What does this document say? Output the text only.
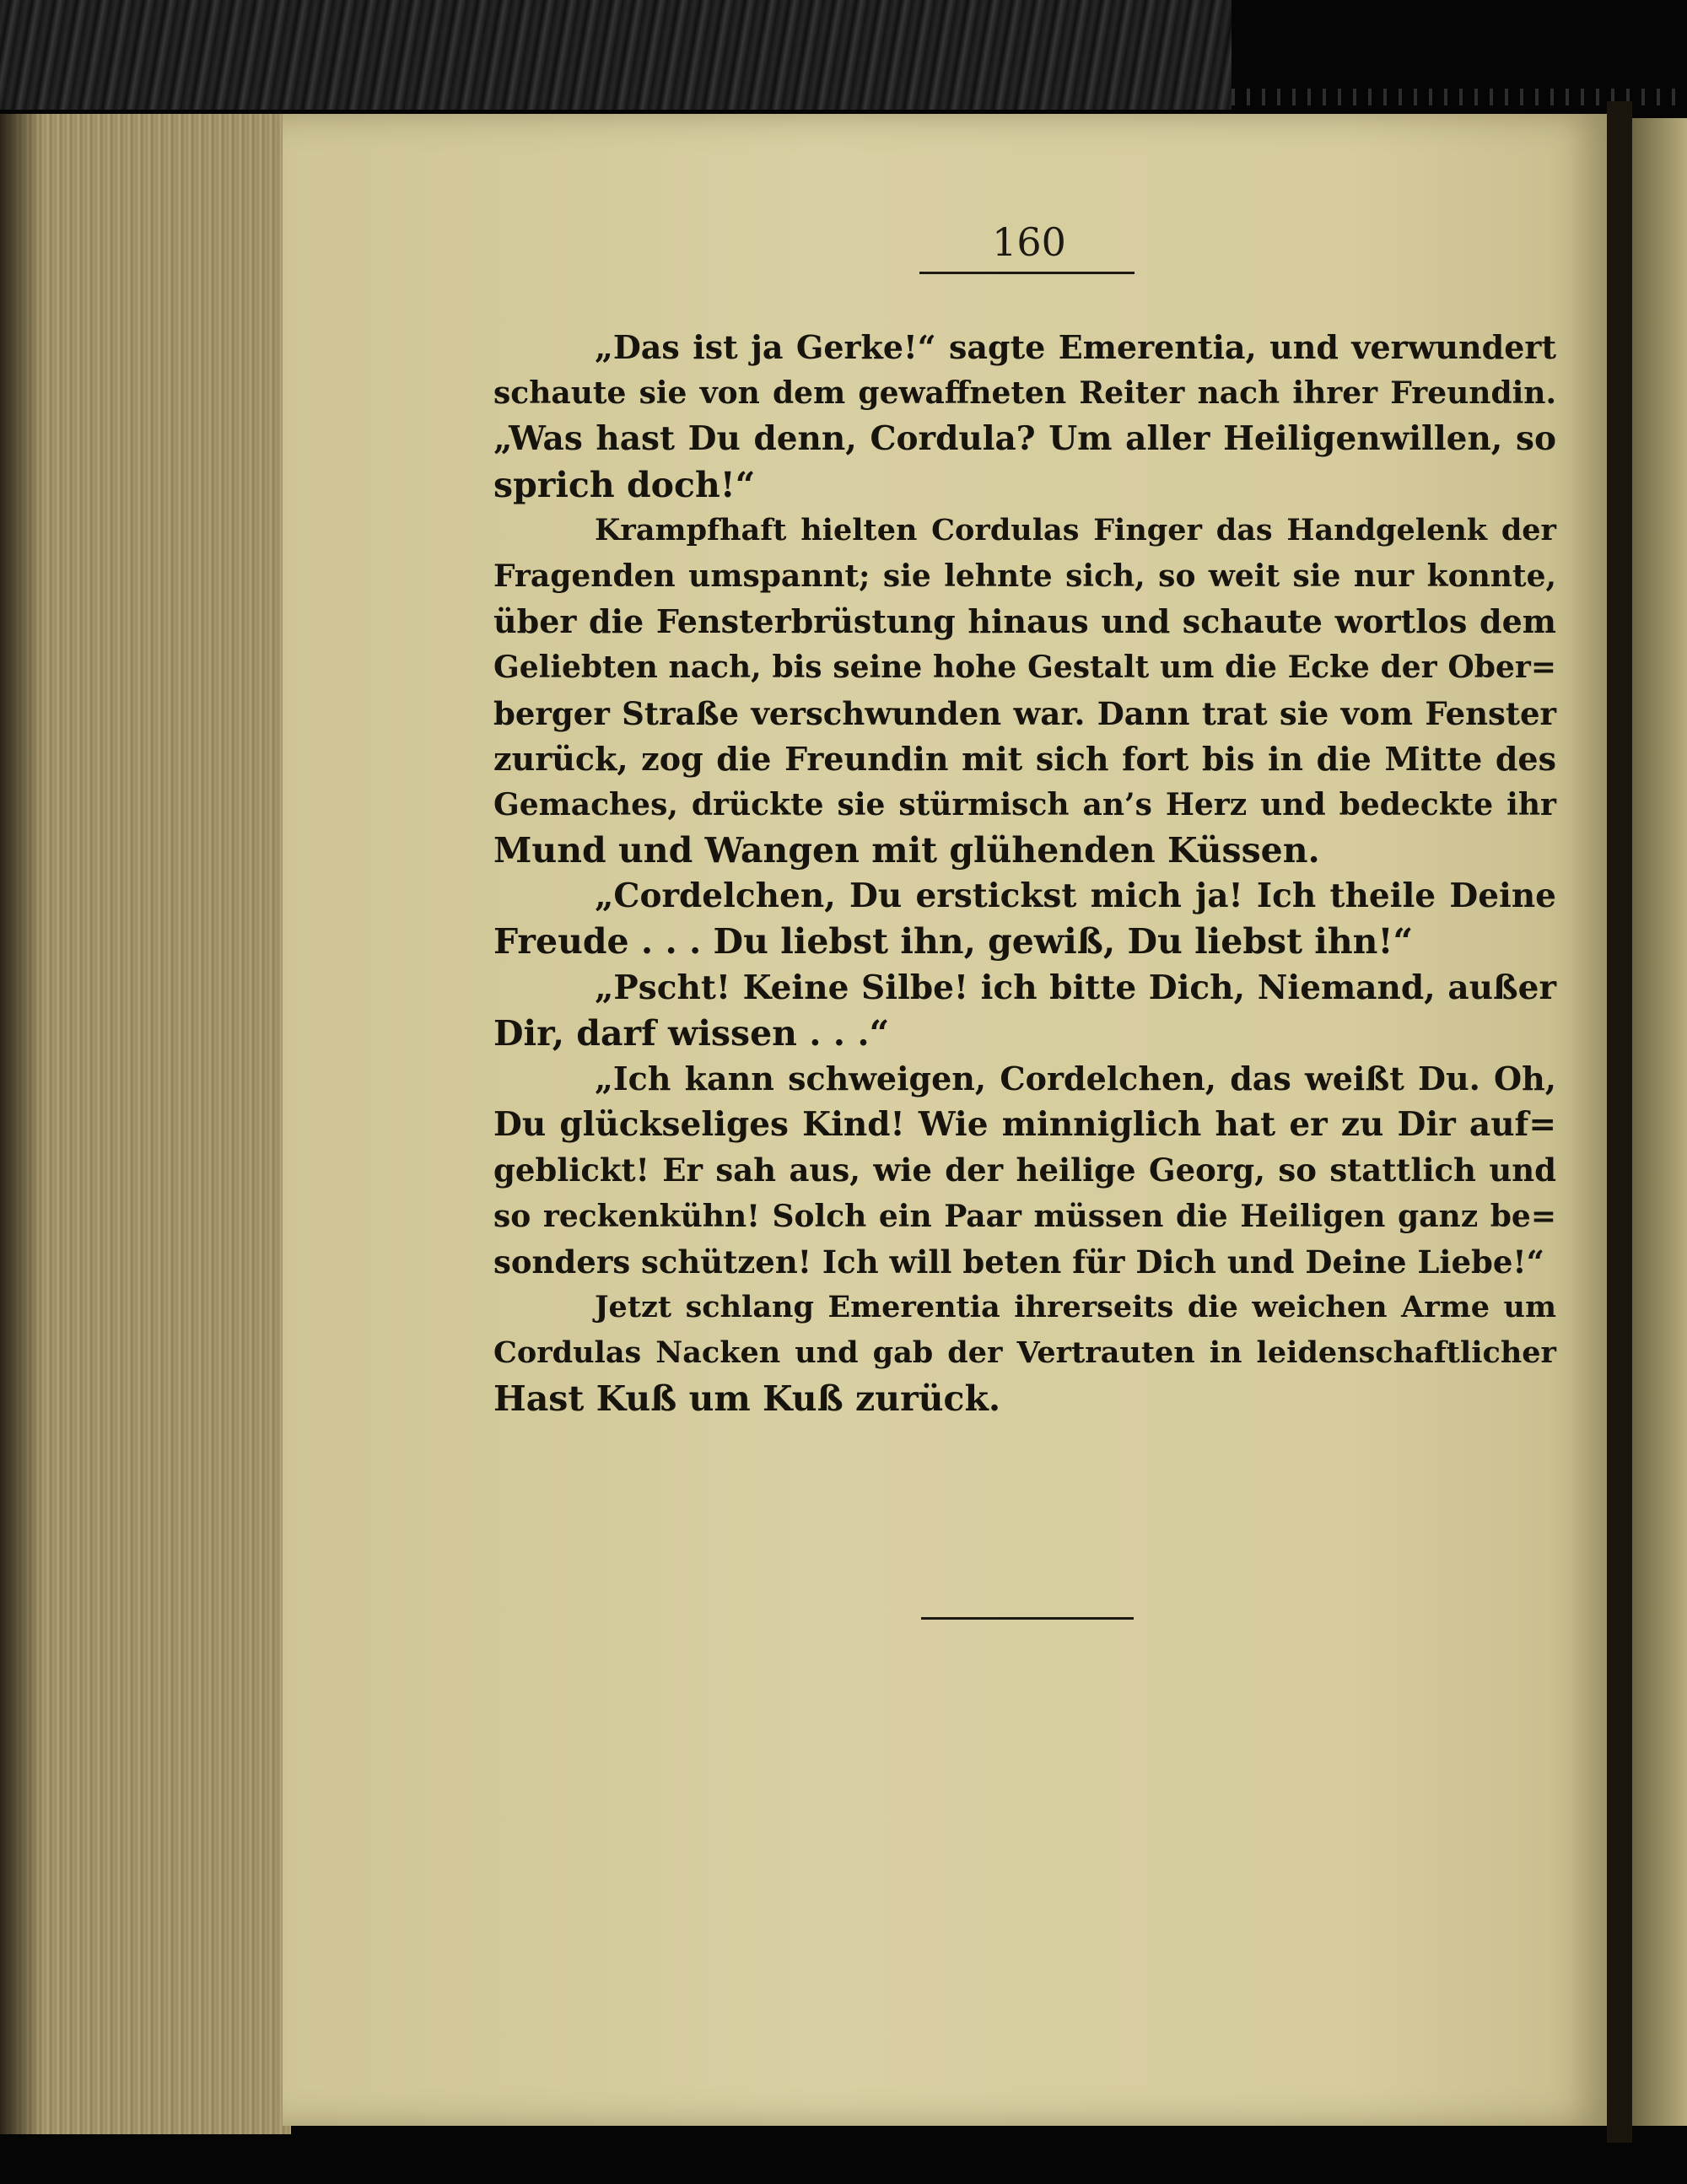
160

„Das ist ja Gerke!“ sagte Emerentia, und verwundert
schaute sie von dem gewaffneten Reiter nach ihrer Freundin.
„Was hast Du denn, Cordula? Um aller Heiligenwillen, so
sprich doch!“
Krampfhaft hielten Cordulas Finger das Handgelenk der
Fragenden umspannt; sie lehnte sich, so weit sie nur konnte,
über die Fensterbrüstung hinaus und schaute wortlos dem
Geliebten nach, bis seine hohe Gestalt um die Ecke der Ober=
berger Straße verschwunden war. Dann trat sie vom Fenster
zurück, zog die Freundin mit sich fort bis in die Mitte des
Gemaches, drückte sie stürmisch an’s Herz und bedeckte ihr
Mund und Wangen mit glühenden Küssen.
„Cordelchen, Du erstickst mich ja! Ich theile Deine
Freude . . . Du liebst ihn, gewiß, Du liebst ihn!“
„Pscht! Keine Silbe! ich bitte Dich, Niemand, außer
Dir, darf wissen . . .“
„Ich kann schweigen, Cordelchen, das weißt Du. Oh,
Du glückseliges Kind! Wie minniglich hat er zu Dir auf=
geblickt! Er sah aus, wie der heilige Georg, so stattlich und
so reckenkühn! Solch ein Paar müssen die Heiligen ganz be=
sonders schützen! Ich will beten für Dich und Deine Liebe!“
Jetzt schlang Emerentia ihrerseits die weichen Arme um
Cordulas Nacken und gab der Vertrauten in leidenschaftlicher
Hast Kuß um Kuß zurück.
